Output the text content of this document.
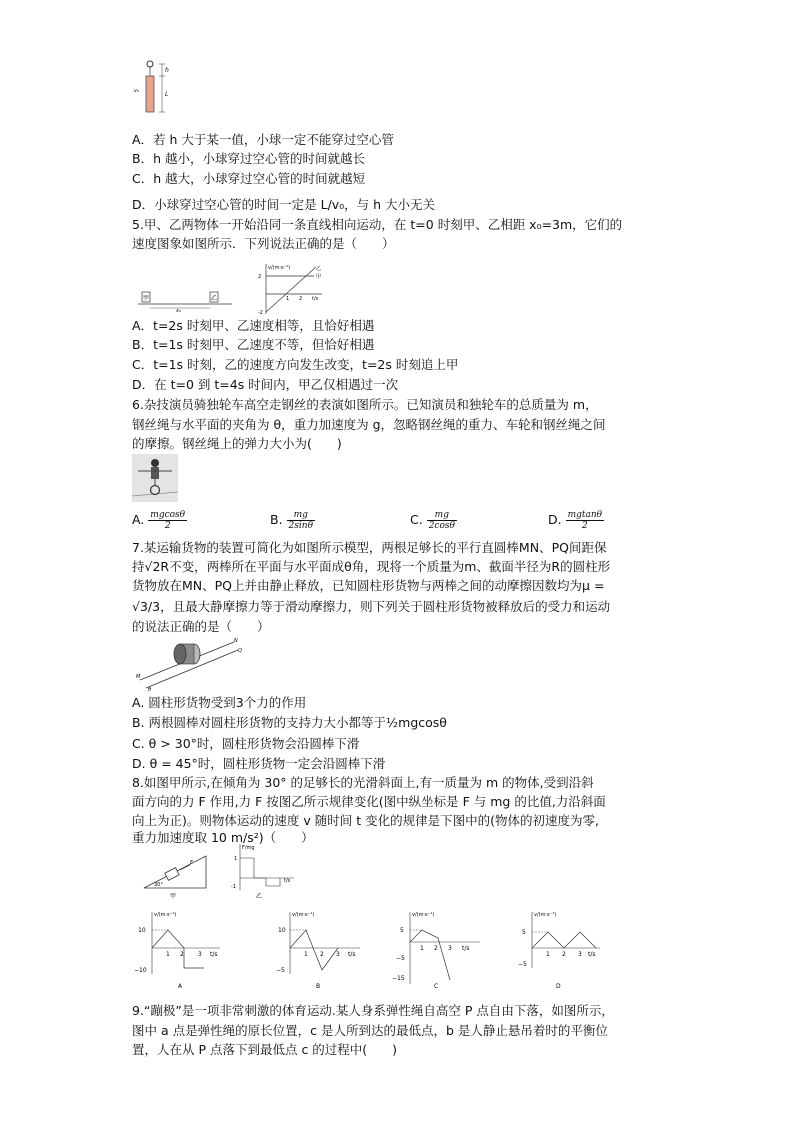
h
L
v₀
A．若 h 大于某一值，小球一定不能穿过空心管
B．h 越小，小球穿过空心管的时间就越长
C．h 越大，小球穿过空心管的时间就越短
D．小球穿过空心管的时间一定是 L/v₀，与 h 大小无关
5.甲、乙两物体一开始沿同一条直线相向运动，在 t=0 时刻甲、乙相距 x₀=3m，它们的
速度图象如图所示．下列说法正确的是（　　）
甲	乙
x₀
v/(m·s⁻¹)
2
-2
1 2 t/s
甲
乙
A．t=2s 时刻甲、乙速度相等，且恰好相遇
B．t=1s 时刻甲、乙速度不等，但恰好相遇
C．t=1s 时刻，乙的速度方向发生改变，t=2s 时刻追上甲
D．在 t=0 到 t=4s 时间内，甲乙仅相遇过一次
6.杂技演员骑独轮车高空走钢丝的表演如图所示。已知演员和独轮车的总质量为 m，
钢丝绳与水平面的夹角为 θ，重力加速度为 g，忽略钢丝绳的重力、车轮和钢丝绳之间
的摩擦。钢丝绳上的弹力大小为(　　)
A. $\frac{mgcos\theta}{2}$	B. $\frac{mg}{2\sin\theta}$	C. $\frac{mg}{2\cos\theta}$	D. $\frac{mgtan\theta}{2}$
7.某运输货物的装置可简化为如图所示模型，两根足够长的平行直圆棒MN、PQ间距保
持√2R不变，两棒所在平面与水平面成θ角，现将一个质量为m、截面半径为R的圆柱形
货物放在MN、PQ上并由静止释放，已知圆柱形货物与两棒之间的动摩擦因数均为μ =
√3/3，且最大静摩擦力等于滑动摩擦力，则下列关于圆柱形货物被释放后的受力和运动
的说法正确的是（　　）
M
N
Q
θ
A. 圆柱形货物受到3个力的作用
B. 两根圆棒对圆柱形货物的支持力大小都等于½mgcosθ
C. θ > 30°时，圆柱形货物会沿圆棒下滑
D. θ = 45°时，圆柱形货物一定会沿圆棒下滑
8.如图甲所示,在倾角为 30° 的足够长的光滑斜面上,有一质量为 m 的物体,受到沿斜
面方向的力 F 作用,力 F 按图乙所示规律变化(图中纵坐标是 F 与 mg 的比值,力沿斜面
向上为正)。则物体运动的速度 v 随时间 t 变化的规律是下图中的(物体的初速度为零,
重力加速度取 10 m/s²)（　　）
F
30°
甲
F/mg
1
-1
t/s
乙
v/(m·s⁻¹)
10
−10
1 2 3 t/s
A
v/(m·s⁻¹)
10
−5
1 2 3 t/s
B
v/(m·s⁻¹)
5
−5
−15
1 2 3 t/s
C
v/(m·s⁻¹)
5
−5
1 2 3 t/s
D
9.“蹦极”是一项非常刺激的体育运动.某人身系弹性绳自高空 P 点自由下落，如图所示，
图中 a 点是弹性绳的原长位置，c 是人所到达的最低点，b 是人静止悬吊着时的平衡位
置，人在从 P 点落下到最低点 c 的过程中(　　)
